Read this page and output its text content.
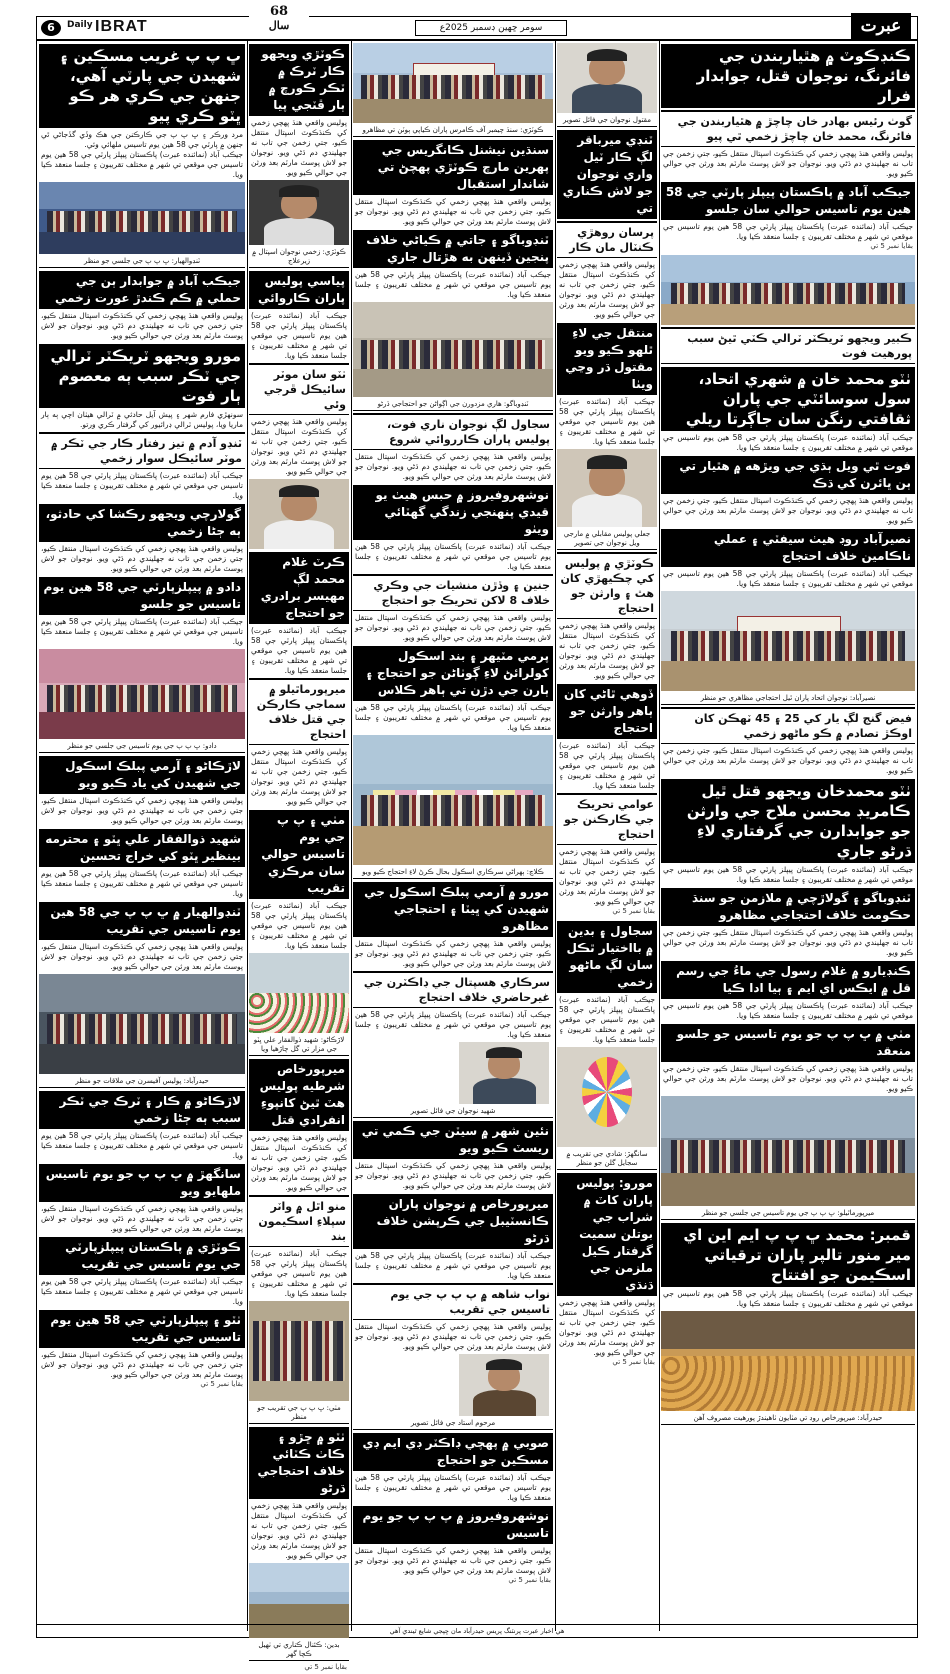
6	Daily IBRAT
68
سال	سومر ڇهين ڊسمبر 2025ع	عبرت
ڪنڊڪوٽ ۾ هٿياربندن جي فائرنگ، نوجوان قتل، جوابدار فرار
گوٺ رئيس بهادر خان چاچڙ ۾ هٿياربندن جي فائرنگ، محمد خان چاچڙ زخمي ٿي پيو
پوليس واقعي هنڌ پهچي زخمي کي ڪنڌڪوٽ اسپتال منتقل ڪيو، جتي زخمن جي تاب نه جهليندي دم ڌڻي ويو. نوجوان جو لاش پوسٽ مارٽم بعد ورثن جي حوالي ڪيو ويو.
جيڪب آباد ۾ پاڪستان پيپلز پارٽي جي 58 هين يوم تاسيس حوالي سان جلسو
جيڪب آباد (نمائنده عبرت) پاڪستان پيپلز پارٽي جي 58 هين يوم تاسيس جي موقعي تي شهر ۾ مختلف تقريبون ۽ جلسا منعقد ڪيا ويا.
بقايا نمبر 5 تي
ڪبير ويجهو ٽريڪٽر ٽرالي ڪٽي ٿيڻ سبب پورهيت فوت
ٺٽو محمد خان ۾ شهري اتحاد، سول سوسائٽي جي پاران ثقافتي رنگن سان جاڳرتا ريلي
جيڪب آباد (نمائنده عبرت) پاڪستان پيپلز پارٽي جي 58 هين يوم تاسيس جي موقعي تي شهر ۾ مختلف تقريبون ۽ جلسا منعقد ڪيا ويا.
فوت ٿي ويل ٻڌي جي ويڙهه ۾ هٿيار تي ٻن ڀائرن کي ڌڪ
پوليس واقعي هنڌ پهچي زخمي کي ڪنڌڪوٽ اسپتال منتقل ڪيو، جتي زخمن جي تاب نه جهليندي دم ڌڻي ويو. نوجوان جو لاش پوسٽ مارٽم بعد ورثن جي حوالي ڪيو ويو.
نصيرآباد روڊ هيٺ سيفٽي ۽ عملي ناڪامين خلاف احتجاج
جيڪب آباد (نمائنده عبرت) پاڪستان پيپلز پارٽي جي 58 هين يوم تاسيس جي موقعي تي شهر ۾ مختلف تقريبون ۽ جلسا منعقد ڪيا ويا.
نصيرآباد: نوجوان اتحاد پاران ٿيل احتجاجي مظاهري جو منظر
فيض گنج لڳ يار کي 25 ۽ 45 ٽهڪن کان اوڪڙ تصادم ۾ ڪو ماڻهو زخمي
پوليس واقعي هنڌ پهچي زخمي کي ڪنڌڪوٽ اسپتال منتقل ڪيو، جتي زخمن جي تاب نه جهليندي دم ڌڻي ويو. نوجوان جو لاش پوسٽ مارٽم بعد ورثن جي حوالي ڪيو ويو.
ٺٽو محمدخان ويجهو قتل ٿيل ڪامريڊ محسن ملاح جي وارثن جو جوابدارن جي گرفتاري لاءِ ڌرڻو جاري
جيڪب آباد (نمائنده عبرت) پاڪستان پيپلز پارٽي جي 58 هين يوم تاسيس جي موقعي تي شهر ۾ مختلف تقريبون ۽ جلسا منعقد ڪيا ويا.
ٽنڊوباگو ۽ گولاڙچي ۾ ملازمن جو سنڌ حڪومت خلاف احتجاجي مظاهرو
پوليس واقعي هنڌ پهچي زخمي کي ڪنڌڪوٽ اسپتال منتقل ڪيو، جتي زخمن جي تاب نه جهليندي دم ڌڻي ويو. نوجوان جو لاش پوسٽ مارٽم بعد ورثن جي حوالي ڪيو ويو.
ڪنڊيارو ۾ غلام رسول جي ماءُ جي رسم قل ۾ ايڪس اي ايم ۽ ٻيا ادا ڪيا
جيڪب آباد (نمائنده عبرت) پاڪستان پيپلز پارٽي جي 58 هين يوم تاسيس جي موقعي تي شهر ۾ مختلف تقريبون ۽ جلسا منعقد ڪيا ويا.
مٺي ۾ ڀ پ پ جو يوم تاسيس جو جلسو منعقد
پوليس واقعي هنڌ پهچي زخمي کي ڪنڌڪوٽ اسپتال منتقل ڪيو، جتي زخمن جي تاب نه جهليندي دم ڌڻي ويو. نوجوان جو لاش پوسٽ مارٽم بعد ورثن جي حوالي ڪيو ويو.
ميرپورماٿيلو: ڀ پ پ جي يوم تاسيس جي جلسي جو منظر
قمبر: محمد ڀ پ پ ايم اين اي مير منور تالپر پاران ترقياتي اسڪيمن جو افتتاح
جيڪب آباد (نمائنده عبرت) پاڪستان پيپلز پارٽي جي 58 هين يوم تاسيس جي موقعي تي شهر ۾ مختلف تقريبون ۽ جلسا منعقد ڪيا ويا.
حيدرآباد: ميرپورخاص روڊ تي مٺايون ٺاهيندڙ پورهيت مصروف آهن
مقتول نوجوان جي فائل تصوير
ٽنڊي ميرباقر لڳ ڪار ٽيل واري نوجوان جو لاش ڪناري تي
پرسان روهڙي ڪنٽال مان ڪار
پوليس واقعي هنڌ پهچي زخمي کي ڪنڌڪوٽ اسپتال منتقل ڪيو، جتي زخمن جي تاب نه جهليندي دم ڌڻي ويو. نوجوان جو لاش پوسٽ مارٽم بعد ورثن جي حوالي ڪيو ويو.
منتقل جي لاءِ ٿلهو ڪيو ويو مقتول ڌر وڃي ويٺا
جيڪب آباد (نمائنده عبرت) پاڪستان پيپلز پارٽي جي 58 هين يوم تاسيس جي موقعي تي شهر ۾ مختلف تقريبون ۽ جلسا منعقد ڪيا ويا.
جعلي پوليس مقابلي ۾ مارجي ويل نوجوان جي تصوير
ڪوٽڙي ۾ پوليس کي چڪيهڙي کان هٿ ۽ وارثن جو احتجاج
پوليس واقعي هنڌ پهچي زخمي کي ڪنڌڪوٽ اسپتال منتقل ڪيو، جتي زخمن جي تاب نه جهليندي دم ڌڻي ويو. نوجوان جو لاش پوسٽ مارٽم بعد ورثن جي حوالي ڪيو ويو.
ڏوهي ٿاڻي کان ٻاهر وارثن جو احتجاج
جيڪب آباد (نمائنده عبرت) پاڪستان پيپلز پارٽي جي 58 هين يوم تاسيس جي موقعي تي شهر ۾ مختلف تقريبون ۽ جلسا منعقد ڪيا ويا.
عوامي تحريڪ جي ڪارڪنن جو احتجاج
پوليس واقعي هنڌ پهچي زخمي کي ڪنڌڪوٽ اسپتال منتقل ڪيو، جتي زخمن جي تاب نه جهليندي دم ڌڻي ويو. نوجوان جو لاش پوسٽ مارٽم بعد ورثن جي حوالي ڪيو ويو.
بقايا نمبر 5 تي
سجاول ۽ بدين ۾ بااختيار ٿڪل سان لڳ ماڻهو زخمي
جيڪب آباد (نمائنده عبرت) پاڪستان پيپلز پارٽي جي 58 هين يوم تاسيس جي موقعي تي شهر ۾ مختلف تقريبون ۽ جلسا منعقد ڪيا ويا.
سانگهڙ: شادي جي تقريب ۾ سجايل گلن جو منظر
مورو: پوليس پاران کاٽ ۾ شراب جي بوتلن سميت گرفتار ڪيل ملزمن جي ڌنڌي
پوليس واقعي هنڌ پهچي زخمي کي ڪنڌڪوٽ اسپتال منتقل ڪيو، جتي زخمن جي تاب نه جهليندي دم ڌڻي ويو. نوجوان جو لاش پوسٽ مارٽم بعد ورثن جي حوالي ڪيو ويو.
بقايا نمبر 5 تي
ڪوٽڙي: سنڌ چيمبر آف ڪامرس پاران ڪياپي ٻوٽن تي مظاهرو
سنڌين نيشنل ڪانگريس جي پهرين مارچ ڪوٽڙي پهچڻ تي شاندار استقبال
پوليس واقعي هنڌ پهچي زخمي کي ڪنڌڪوٽ اسپتال منتقل ڪيو، جتي زخمن جي تاب نه جهليندي دم ڌڻي ويو. نوجوان جو لاش پوسٽ مارٽم بعد ورثن جي حوالي ڪيو ويو.
ٽنڊوباگو ۽ جاتي ۾ ڪياڻي خلاف پنجين ڏينهن به هڙتال جاري
جيڪب آباد (نمائنده عبرت) پاڪستان پيپلز پارٽي جي 58 هين يوم تاسيس جي موقعي تي شهر ۾ مختلف تقريبون ۽ جلسا منعقد ڪيا ويا.
ٽنڊوباگو: هاري مزدورن جي اڳواڻن جو احتجاجي ڌرڻو
سجاول لڳ نوجوان ناري فوت، پوليس پاران ڪارروائي شروع
پوليس واقعي هنڌ پهچي زخمي کي ڪنڌڪوٽ اسپتال منتقل ڪيو، جتي زخمن جي تاب نه جهليندي دم ڌڻي ويو. نوجوان جو لاش پوسٽ مارٽم بعد ورثن جي حوالي ڪيو ويو.
نوشهروفيروز ۾ حبس هيٺ يو قيدي پنهنجي زندگي گهٽائي ويٺو
جيڪب آباد (نمائنده عبرت) پاڪستان پيپلز پارٽي جي 58 هين يوم تاسيس جي موقعي تي شهر ۾ مختلف تقريبون ۽ جلسا منعقد ڪيا ويا.
جنين ۽ وڏڙن منشيات جي وڪري خلاف 8 لاکن تحريڪ جو احتجاج
پوليس واقعي هنڌ پهچي زخمي کي ڪنڌڪوٽ اسپتال منتقل ڪيو، جتي زخمن جي تاب نه جهليندي دم ڌڻي ويو. نوجوان جو لاش پوسٽ مارٽم بعد ورثن جي حوالي ڪيو ويو.
پرمي مٽيهر ۽ بند اسڪول کولرائڻ لاءِ ڳوٺاڻن جو احتجاج ۽ ٻارن جي دڙن تي ٻاهر ڪلاس
جيڪب آباد (نمائنده عبرت) پاڪستان پيپلز پارٽي جي 58 هين يوم تاسيس جي موقعي تي شهر ۾ مختلف تقريبون ۽ جلسا منعقد ڪيا ويا.
ڪلاچ: ٻهراڻي سرڪاري اسڪول بحال ڪرڻ لاءِ احتجاج ڪيو ويو
مورو ۾ آرمي پبلڪ اسڪول جي شهيدن کي ڀيٽا ۽ احتجاجي مظاهرو
پوليس واقعي هنڌ پهچي زخمي کي ڪنڌڪوٽ اسپتال منتقل ڪيو، جتي زخمن جي تاب نه جهليندي دم ڌڻي ويو. نوجوان جو لاش پوسٽ مارٽم بعد ورثن جي حوالي ڪيو ويو.
سرڪاري هسپتال جي ڊاڪٽرن جي غيرحاضري خلاف احتجاج
جيڪب آباد (نمائنده عبرت) پاڪستان پيپلز پارٽي جي 58 هين يوم تاسيس جي موقعي تي شهر ۾ مختلف تقريبون ۽ جلسا منعقد ڪيا ويا.
شهيد نوجوان جي فائل تصوير
نئين شهر ۾ سيٽن جي ڪمي تي ريسٽ ڪيو ويو
پوليس واقعي هنڌ پهچي زخمي کي ڪنڌڪوٽ اسپتال منتقل ڪيو، جتي زخمن جي تاب نه جهليندي دم ڌڻي ويو. نوجوان جو لاش پوسٽ مارٽم بعد ورثن جي حوالي ڪيو ويو.
ميرپورخاص ۾ نوجوان پاران ڪانسٽيبل جي ڪرپشن خلاف ڌرڻو
جيڪب آباد (نمائنده عبرت) پاڪستان پيپلز پارٽي جي 58 هين يوم تاسيس جي موقعي تي شهر ۾ مختلف تقريبون ۽ جلسا منعقد ڪيا ويا.
نواب شاهه ۾ پ پ پ جي يوم تاسيس جي تقريب
پوليس واقعي هنڌ پهچي زخمي کي ڪنڌڪوٽ اسپتال منتقل ڪيو، جتي زخمن جي تاب نه جهليندي دم ڌڻي ويو. نوجوان جو لاش پوسٽ مارٽم بعد ورثن جي حوالي ڪيو ويو.
مرحوم استاد جي فائل تصوير
صوبي ۾ پهچي ڊاڪٽر ڊي ايم ڊي مسڪين جو احتجاج
جيڪب آباد (نمائنده عبرت) پاڪستان پيپلز پارٽي جي 58 هين يوم تاسيس جي موقعي تي شهر ۾ مختلف تقريبون ۽ جلسا منعقد ڪيا ويا.
نوشهروفيروز ۾ پ پ پ جو يوم تاسيس
پوليس واقعي هنڌ پهچي زخمي کي ڪنڌڪوٽ اسپتال منتقل ڪيو، جتي زخمن جي تاب نه جهليندي دم ڌڻي ويو. نوجوان جو لاش پوسٽ مارٽم بعد ورثن جي حوالي ڪيو ويو.
بقايا نمبر 5 تي
ڪوٽڙي ويجهو ڪار ٽرڪ ۾ ٽڪر ڪورچ ۾ ٻار ڦٽجي پيا
پوليس واقعي هنڌ پهچي زخمي کي ڪنڌڪوٽ اسپتال منتقل ڪيو، جتي زخمن جي تاب نه جهليندي دم ڌڻي ويو. نوجوان جو لاش پوسٽ مارٽم بعد ورثن جي حوالي ڪيو ويو.
ڪوٽڙي: زخمي نوجوان اسپتال ۾ زيرعلاج
پياسي پوليس پاران ڪاروائي
جيڪب آباد (نمائنده عبرت) پاڪستان پيپلز پارٽي جي 58 هين يوم تاسيس جي موقعي تي شهر ۾ مختلف تقريبون ۽ جلسا منعقد ڪيا ويا.
ٺٽو سان موٽر سائيڪل ڦرجي وئي
پوليس واقعي هنڌ پهچي زخمي کي ڪنڌڪوٽ اسپتال منتقل ڪيو، جتي زخمن جي تاب نه جهليندي دم ڌڻي ويو. نوجوان جو لاش پوسٽ مارٽم بعد ورثن جي حوالي ڪيو ويو.
ڪرٽ غلام محمد لڳ مهيسر برادري جو احتجاج
جيڪب آباد (نمائنده عبرت) پاڪستان پيپلز پارٽي جي 58 هين يوم تاسيس جي موقعي تي شهر ۾ مختلف تقريبون ۽ جلسا منعقد ڪيا ويا.
ميرپورماٿيلو ۾ سماجي ڪارڪن جي قتل خلاف احتجاج
پوليس واقعي هنڌ پهچي زخمي کي ڪنڌڪوٽ اسپتال منتقل ڪيو، جتي زخمن جي تاب نه جهليندي دم ڌڻي ويو. نوجوان جو لاش پوسٽ مارٽم بعد ورثن جي حوالي ڪيو ويو.
مٺي ۽ پ پ جي يوم تاسيس حوالي سان مرڪزي تقريب
جيڪب آباد (نمائنده عبرت) پاڪستان پيپلز پارٽي جي 58 هين يوم تاسيس جي موقعي تي شهر ۾ مختلف تقريبون ۽ جلسا منعقد ڪيا ويا.
لاڙڪاڻو: شهيد ذوالفقار علي ڀٽو جي مزار تي گل چاڙهيا ويا
ميرپورخاص شرطيه پوليس هٽ ٿيڻ کانپوءِ انفرادي قتل
پوليس واقعي هنڌ پهچي زخمي کي ڪنڌڪوٽ اسپتال منتقل ڪيو، جتي زخمن جي تاب نه جهليندي دم ڌڻي ويو. نوجوان جو لاش پوسٽ مارٽم بعد ورثن جي حوالي ڪيو ويو.
منو اٿل ۾ واٽر سپلاءِ اسڪيمون بند
جيڪب آباد (نمائنده عبرت) پاڪستان پيپلز پارٽي جي 58 هين يوم تاسيس جي موقعي تي شهر ۾ مختلف تقريبون ۽ جلسا منعقد ڪيا ويا.
مٺي: ڀ پ پ جي تقريب جو منظر
ٺٽو ۾ ڇڙو ۽ ڪاٺ ڪٽائي خلاف احتجاجي ڌرڻو
پوليس واقعي هنڌ پهچي زخمي کي ڪنڌڪوٽ اسپتال منتقل ڪيو، جتي زخمن جي تاب نه جهليندي دم ڌڻي ويو. نوجوان جو لاش پوسٽ مارٽم بعد ورثن جي حوالي ڪيو ويو.
بدين: ڪئنال ڪناري تي ٺهيل ڪچا گهر
بقايا نمبر 5 تي
ڀ پ پ غريب مسڪين ۽ شهيدن جي پارٽي آهي، جنهن جي ڪري هر ڪو ڀٽو ڪري پيو
مرد ورڪر ۽ ڀ پ پ جي ڪارڪنن جي هڪ وڏي گڏجاڻي ٿي جنهن ۾ پارٽي جي 58 هين يوم تاسيس ملهائي وئي.
جيڪب آباد (نمائنده عبرت) پاڪستان پيپلز پارٽي جي 58 هين يوم تاسيس جي موقعي تي شهر ۾ مختلف تقريبون ۽ جلسا منعقد ڪيا ويا.
ٽنڊوالهيار: ڀ پ پ جي جلسي جو منظر
جيڪب آباد ۾ جوابدار ٻن جي حملي ۾ ڪم ڪندڙ عورت زخمي
پوليس واقعي هنڌ پهچي زخمي کي ڪنڌڪوٽ اسپتال منتقل ڪيو، جتي زخمن جي تاب نه جهليندي دم ڌڻي ويو. نوجوان جو لاش پوسٽ مارٽم بعد ورثن جي حوالي ڪيو ويو.
مورو ويجهو ٽريڪٽر ٽرالي جي ٽڪر سبب ٻه معصوم ٻار فوت
سونهڙي فارم شهر ۽ پيش آيل حادثي ۾ ٽرالي هيٺان اچي ٻه ٻار ماريا ويا، پوليس ٽرالي ڊرائيور کي گرفتار ڪري ورتو.
ٽنڊو آدم ۾ تيز رفتار ڪار جي ٽڪر ۾ موٽر سائيڪل سوار زخمي
جيڪب آباد (نمائنده عبرت) پاڪستان پيپلز پارٽي جي 58 هين يوم تاسيس جي موقعي تي شهر ۾ مختلف تقريبون ۽ جلسا منعقد ڪيا ويا.
گولارچي ويجهو رڪشا کي حادثو، ٻه ڄڻا زخمي
پوليس واقعي هنڌ پهچي زخمي کي ڪنڌڪوٽ اسپتال منتقل ڪيو، جتي زخمن جي تاب نه جهليندي دم ڌڻي ويو. نوجوان جو لاش پوسٽ مارٽم بعد ورثن جي حوالي ڪيو ويو.
دادو ۾ پيپلزپارٽي جي 58 هين يوم تاسيس جو جلسو
جيڪب آباد (نمائنده عبرت) پاڪستان پيپلز پارٽي جي 58 هين يوم تاسيس جي موقعي تي شهر ۾ مختلف تقريبون ۽ جلسا منعقد ڪيا ويا.
دادو: ڀ پ پ جي يوم تاسيس جي جلسي جو منظر
لاڙڪاڻو ۽ آرمي پبلڪ اسڪول جي شهيدن کي ياد ڪيو ويو
پوليس واقعي هنڌ پهچي زخمي کي ڪنڌڪوٽ اسپتال منتقل ڪيو، جتي زخمن جي تاب نه جهليندي دم ڌڻي ويو. نوجوان جو لاش پوسٽ مارٽم بعد ورثن جي حوالي ڪيو ويو.
شهيد ذوالفقار علي ڀٽو ۽ محترمه بينظير ڀٽو کي خراج تحسين
جيڪب آباد (نمائنده عبرت) پاڪستان پيپلز پارٽي جي 58 هين يوم تاسيس جي موقعي تي شهر ۾ مختلف تقريبون ۽ جلسا منعقد ڪيا ويا.
ٽنڊوالهيار ۾ ڀ پ پ جي 58 هين يوم تاسيس جي تقريب
پوليس واقعي هنڌ پهچي زخمي کي ڪنڌڪوٽ اسپتال منتقل ڪيو، جتي زخمن جي تاب نه جهليندي دم ڌڻي ويو. نوجوان جو لاش پوسٽ مارٽم بعد ورثن جي حوالي ڪيو ويو.
حيدرآباد: پوليس آفيسرن جي ملاقات جو منظر
لاڙڪاڻو ۾ ڪار ۽ ٽرڪ جي ٽڪر سبب ٻه ڄڻا زخمي
جيڪب آباد (نمائنده عبرت) پاڪستان پيپلز پارٽي جي 58 هين يوم تاسيس جي موقعي تي شهر ۾ مختلف تقريبون ۽ جلسا منعقد ڪيا ويا.
سانگهڙ ۾ ڀ پ پ جو يوم تاسيس ملهايو ويو
پوليس واقعي هنڌ پهچي زخمي کي ڪنڌڪوٽ اسپتال منتقل ڪيو، جتي زخمن جي تاب نه جهليندي دم ڌڻي ويو. نوجوان جو لاش پوسٽ مارٽم بعد ورثن جي حوالي ڪيو ويو.
ڪوٽڙي ۾ پاڪستان پيپلزپارٽي جي يوم تاسيس جي تقريب
جيڪب آباد (نمائنده عبرت) پاڪستان پيپلز پارٽي جي 58 هين يوم تاسيس جي موقعي تي شهر ۾ مختلف تقريبون ۽ جلسا منعقد ڪيا ويا.
ٺٽو ۽ پيپلزپارٽي جي 58 هين يوم تاسيس جي تقريب
پوليس واقعي هنڌ پهچي زخمي کي ڪنڌڪوٽ اسپتال منتقل ڪيو، جتي زخمن جي تاب نه جهليندي دم ڌڻي ويو. نوجوان جو لاش پوسٽ مارٽم بعد ورثن جي حوالي ڪيو ويو.
بقايا نمبر 5 تي
هي اخبار عبرت پرنٽنگ پريس حيدرآباد مان ڇپجي شايع ٿيندي آهي
